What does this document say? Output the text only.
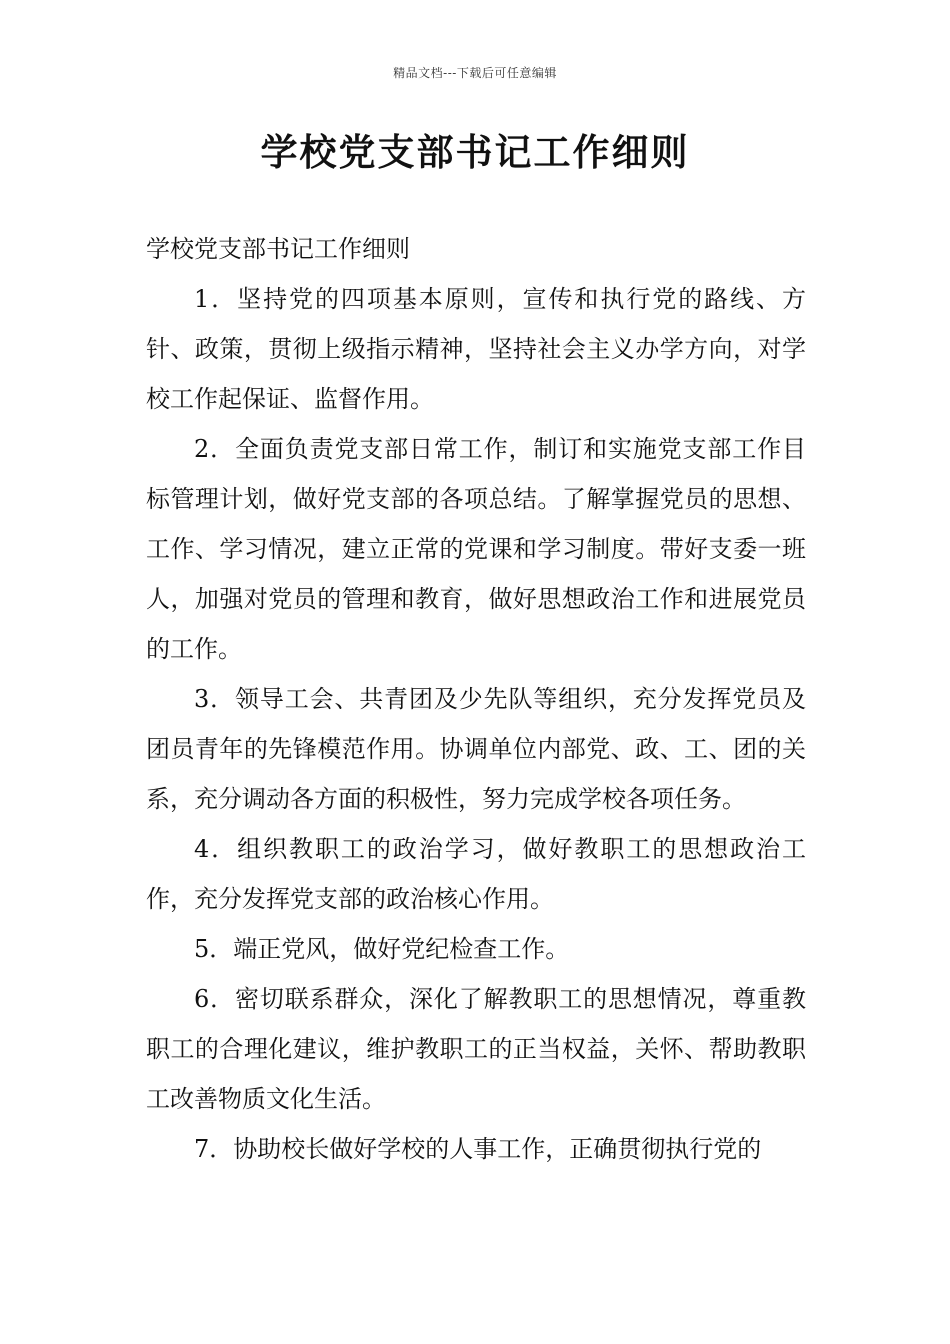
精品文档---下载后可任意编辑
学校党支部书记工作细则

学校党支部书记工作细则

1．坚持党的四项基本原则，宣传和执行党的路线、方针、政策，贯彻上级指示精神，坚持社会主义办学方向，对学校工作起保证、监督作用。

2．全面负责党支部日常工作，制订和实施党支部工作目标管理计划，做好党支部的各项总结。了解掌握党员的思想、工作、学习情况，建立正常的党课和学习制度。带好支委一班人，加强对党员的管理和教育，做好思想政治工作和进展党员的工作。

3．领导工会、共青团及少先队等组织，充分发挥党员及团员青年的先锋模范作用。协调单位内部党、政、工、团的关系，充分调动各方面的积极性，努力完成学校各项任务。

4．组织教职工的政治学习，做好教职工的思想政治工作，充分发挥党支部的政治核心作用。

5．端正党风，做好党纪检查工作。

6．密切联系群众，深化了解教职工的思想情况，尊重教职工的合理化建议，维护教职工的正当权益，关怀、帮助教职工改善物质文化生活。

7．协助校长做好学校的人事工作，正确贯彻执行党的
